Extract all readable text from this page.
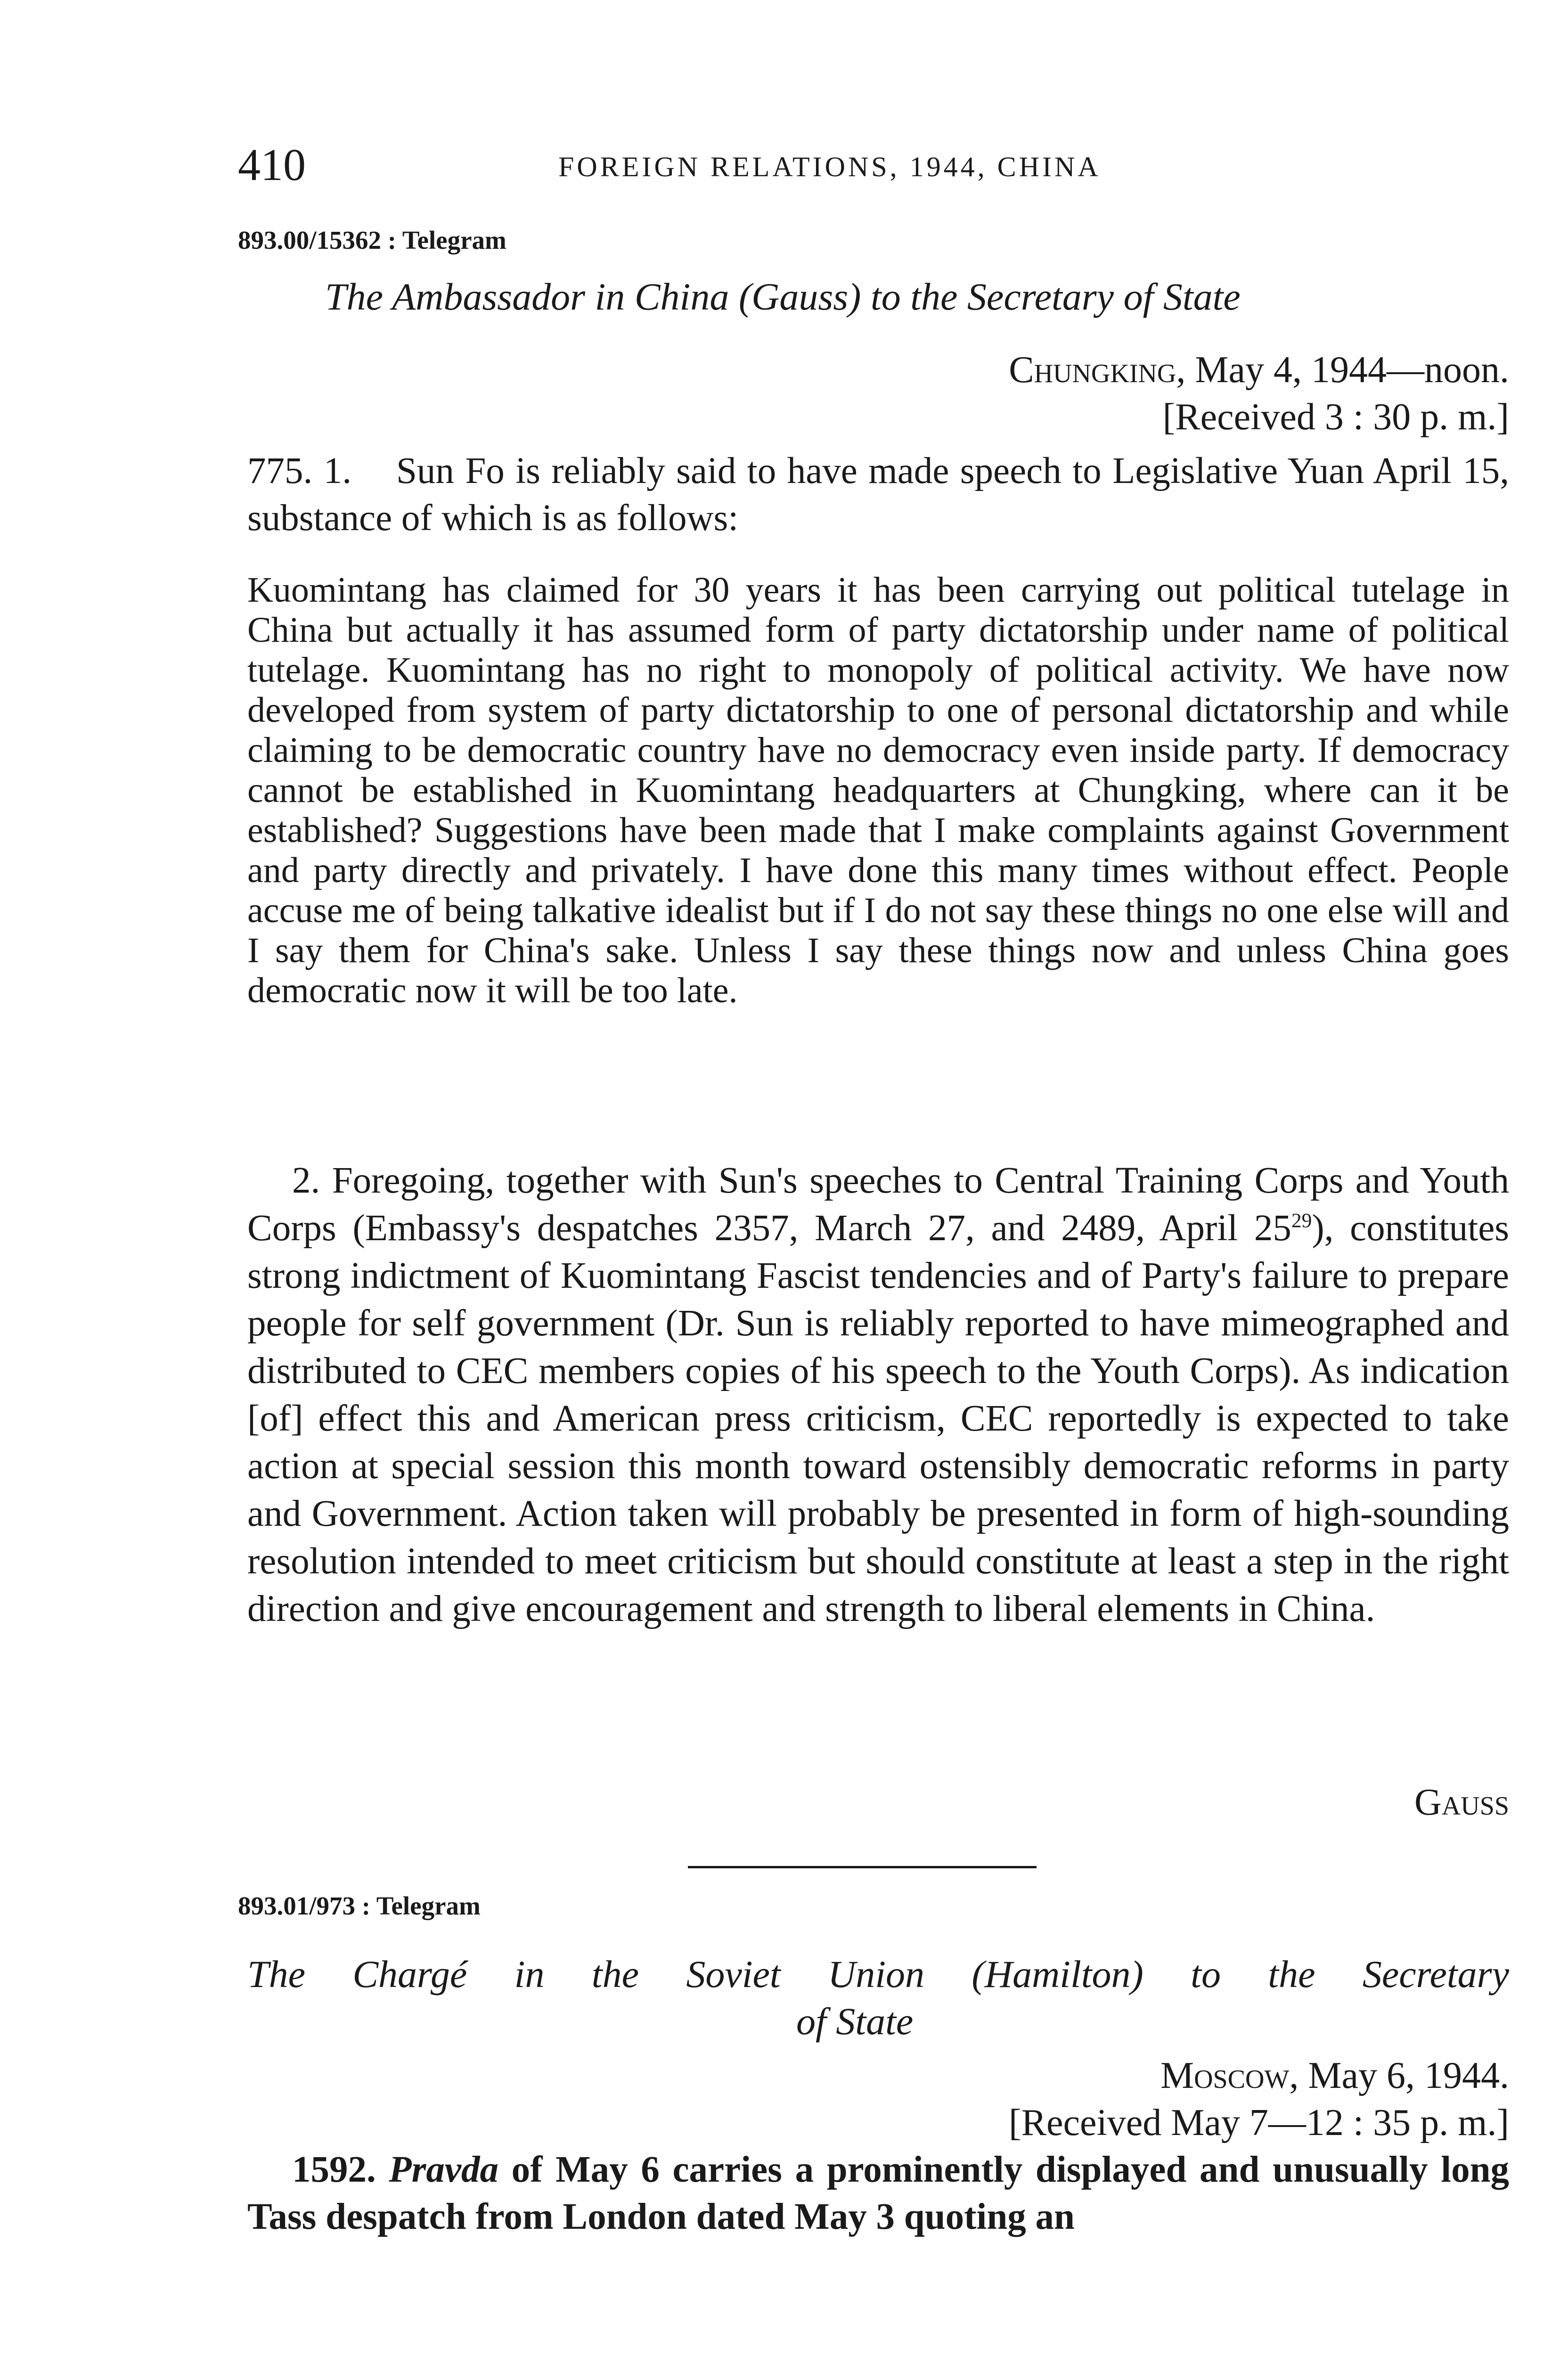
410	FOREIGN RELATIONS, 1944, CHINA
893.00/15362 : Telegram
The Ambassador in China (Gauss) to the Secretary of State
Chungking, May 4, 1944—noon.
[Received 3 : 30 p. m.]
775. 1. Sun Fo is reliably said to have made speech to Legislative Yuan April 15, substance of which is as follows:
Kuomintang has claimed for 30 years it has been carrying out political tutelage in China but actually it has assumed form of party dictatorship under name of political tutelage. Kuomintang has no right to monopoly of political activity. We have now developed from system of party dictatorship to one of personal dictatorship and while claiming to be democratic country have no democracy even inside party. If democracy cannot be established in Kuomintang headquarters at Chungking, where can it be established? Suggestions have been made that I make complaints against Government and party directly and privately. I have done this many times without effect. People accuse me of being talkative idealist but if I do not say these things no one else will and I say them for China's sake. Unless I say these things now and unless China goes democratic now it will be too late.
2. Foregoing, together with Sun's speeches to Central Training Corps and Youth Corps (Embassy's despatches 2357, March 27, and 2489, April $25^{29}$), constitutes strong indictment of Kuomintang Fascist tendencies and of Party's failure to prepare people for self government (Dr. Sun is reliably reported to have mimeographed and distributed to CEC members copies of his speech to the Youth Corps). As indication [of] effect this and American press criticism, CEC reportedly is expected to take action at special session this month toward ostensibly democratic reforms in party and Government. Action taken will probably be presented in form of high-sounding resolution intended to meet criticism but should constitute at least a step in the right direction and give encouragement and strength to liberal elements in China.
Gauss
893.01/973 : Telegram
The Chargé in the Soviet Union (Hamilton) to the Secretary
of State
Moscow, May 6, 1944.
[Received May 7—12 : 35 p. m.]
1592. Pravda of May 6 carries a prominently displayed and unusually long Tass despatch from London dated May 3 quoting an
